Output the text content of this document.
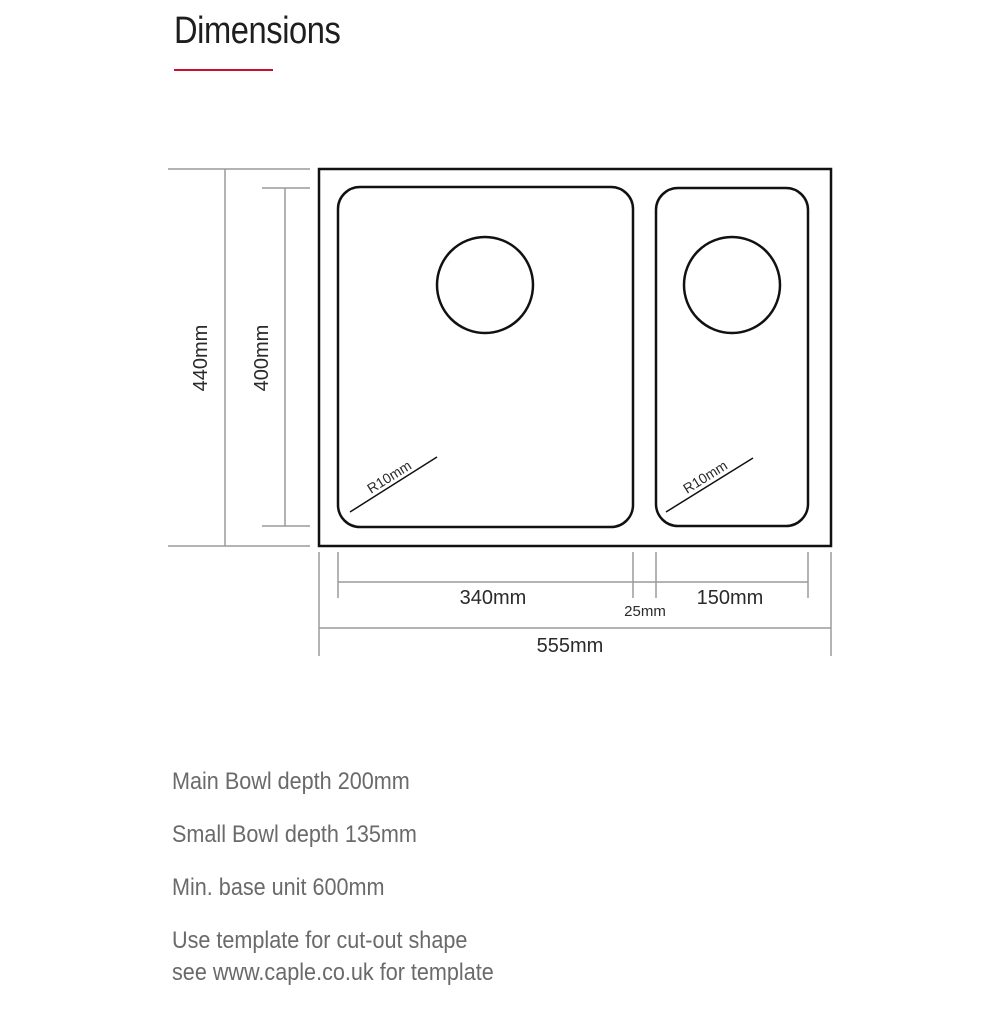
Dimensions
R10mm	R10mm
440mm 400mm
340mm
25mm
150mm
555mm
Main Bowl depth 200mm
Small Bowl depth 135mm
Min. base unit 600mm
Use template for cut-out shape
see www.caple.co.uk for template
